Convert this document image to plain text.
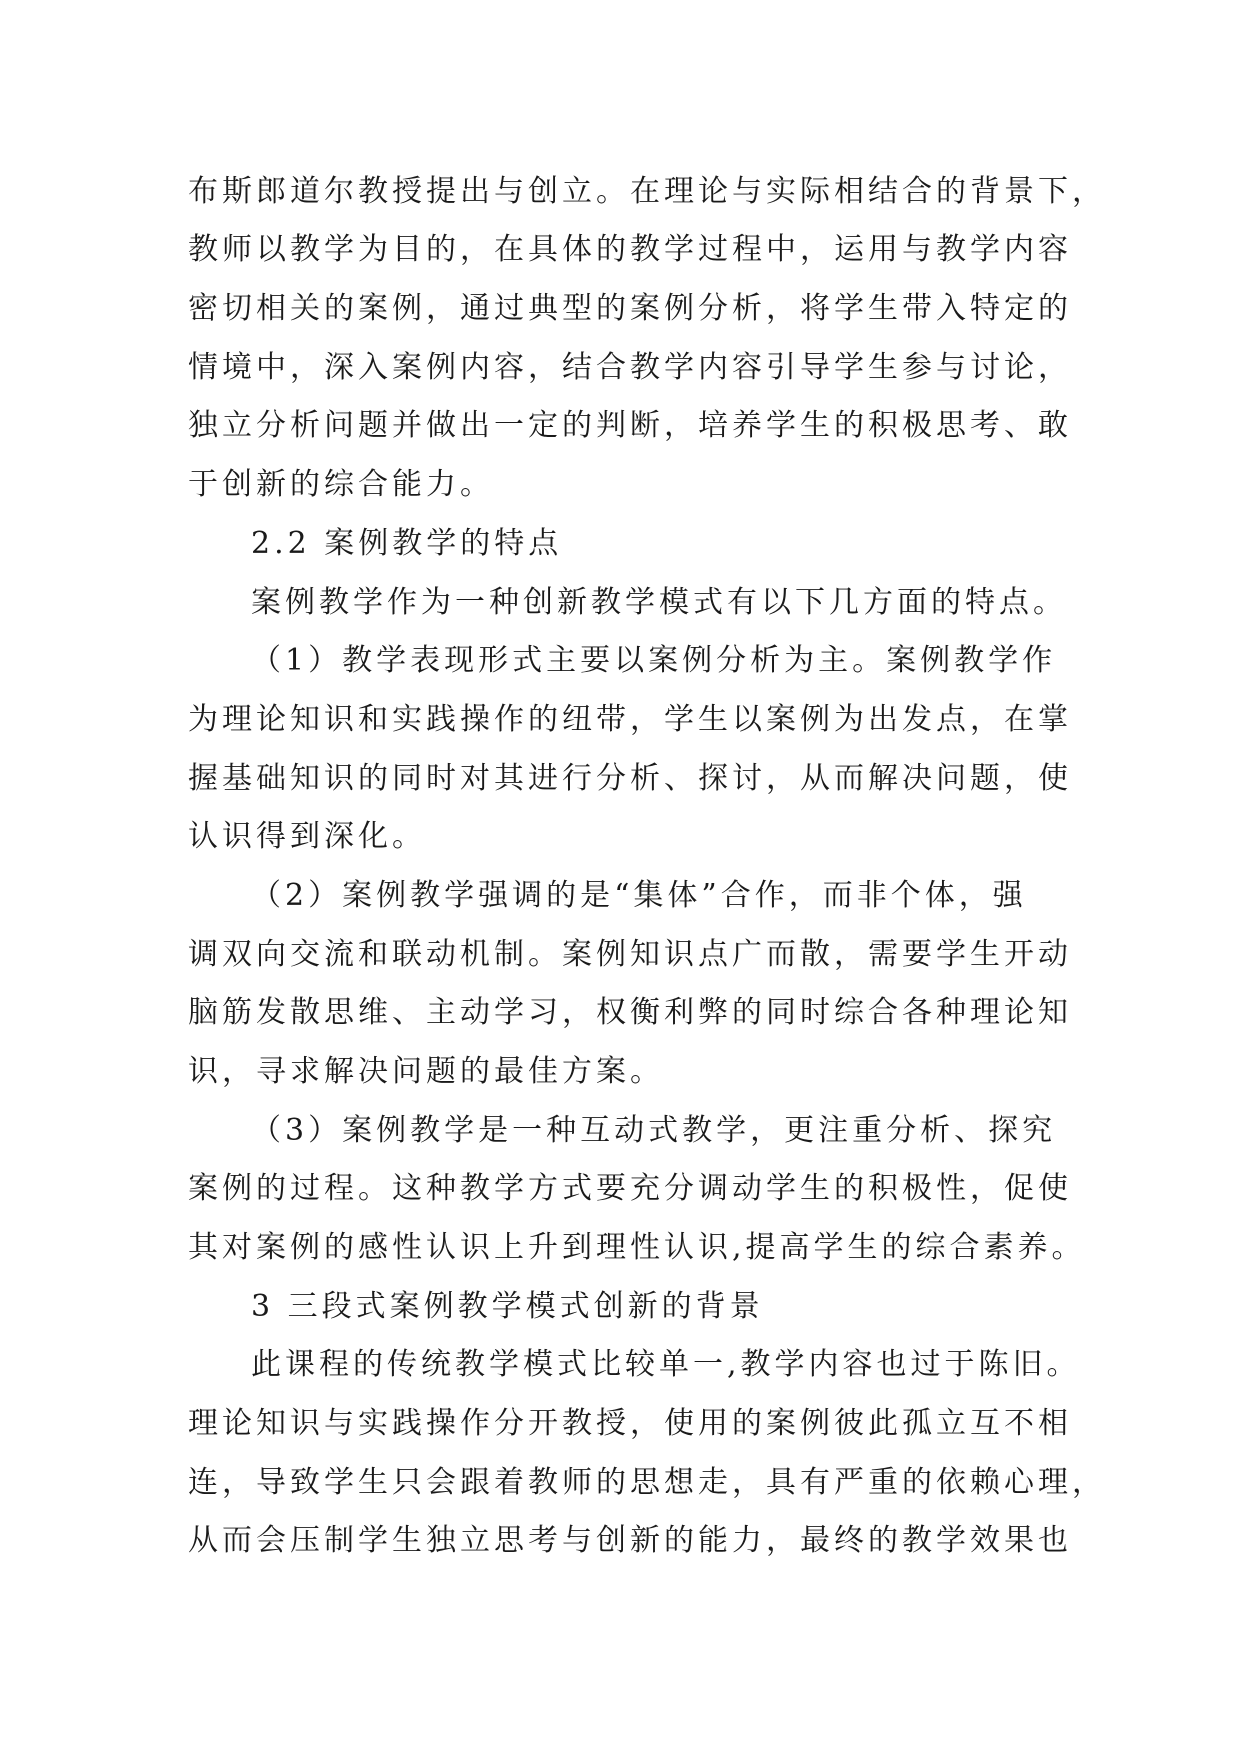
布斯郎道尔教授提出与创立。在理论与实际相结合的背景下，
教师以教学为目的，在具体的教学过程中，运用与教学内容
密切相关的案例，通过典型的案例分析，将学生带入特定的
情境中，深入案例内容，结合教学内容引导学生参与讨论，
独立分析问题并做出一定的判断，培养学生的积极思考、敢
于创新的综合能力。
2.2 案例教学的特点
案例教学作为一种创新教学模式有以下几方面的特点。
（1）教学表现形式主要以案例分析为主。案例教学作
为理论知识和实践操作的纽带，学生以案例为出发点，在掌
握基础知识的同时对其进行分析、探讨，从而解决问题，使
认识得到深化。
（2）案例教学强调的是“集体”合作，而非个体，强
调双向交流和联动机制。案例知识点广而散，需要学生开动
脑筋发散思维、主动学习，权衡利弊的同时综合各种理论知
识，寻求解决问题的最佳方案。
（3）案例教学是一种互动式教学，更注重分析、探究
案例的过程。这种教学方式要充分调动学生的积极性，促使
其对案例的感性认识上升到理性认识,提高学生的综合素养。
3 三段式案例教学模式创新的背景
此课程的传统教学模式比较单一,教学内容也过于陈旧。
理论知识与实践操作分开教授，使用的案例彼此孤立互不相
连，导致学生只会跟着教师的思想走，具有严重的依赖心理，
从而会压制学生独立思考与创新的能力，最终的教学效果也
